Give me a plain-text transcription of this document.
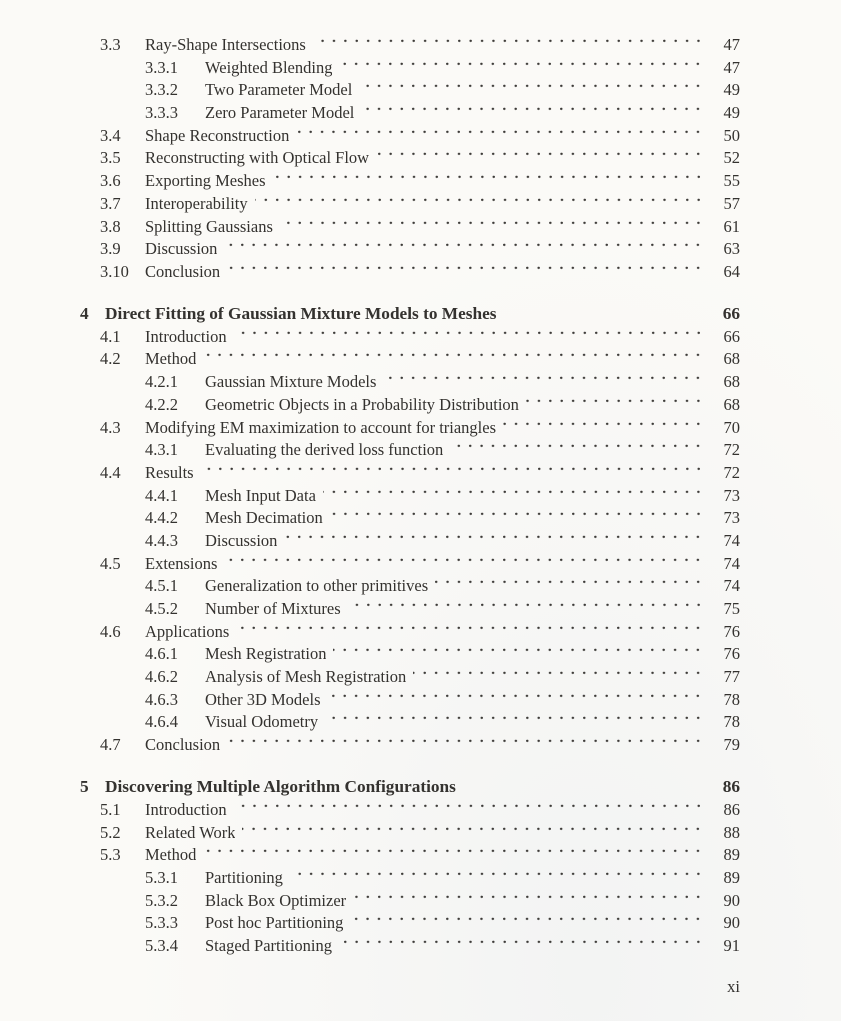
3.3	Ray-Shape Intersections	47
3.3.1	Weighted Blending	47
3.3.2	Two Parameter Model	49
3.3.3	Zero Parameter Model	49
3.4	Shape Reconstruction	50
3.5	Reconstructing with Optical Flow	52
3.6	Exporting Meshes	55
3.7	Interoperability	57
3.8	Splitting Gaussians	61
3.9	Discussion	63
3.10 Conclusion	64
4 Direct Fitting of Gaussian Mixture Models to Meshes	66
4.1	Introduction	66
4.2	Method	68
4.2.1	Gaussian Mixture Models	68
4.2.2	Geometric Objects in a Probability Distribution	68
4.3	Modifying EM maximization to account for triangles	70
4.3.1	Evaluating the derived loss function	72
4.4	Results	72
4.4.1	Mesh Input Data	73
4.4.2	Mesh Decimation	73
4.4.3	Discussion	74
4.5	Extensions	74
4.5.1	Generalization to other primitives	74
4.5.2	Number of Mixtures	75
4.6	Applications	76
4.6.1	Mesh Registration	76
4.6.2	Analysis of Mesh Registration	77
4.6.3	Other 3D Models	78
4.6.4	Visual Odometry	78
4.7	Conclusion	79
5 Discovering Multiple Algorithm Configurations	86
5.1	Introduction	86
5.2	Related Work	88
5.3	Method	89
5.3.1	Partitioning	89
5.3.2	Black Box Optimizer	90
5.3.3	Post hoc Partitioning	90
5.3.4	Staged Partitioning	91
xi
